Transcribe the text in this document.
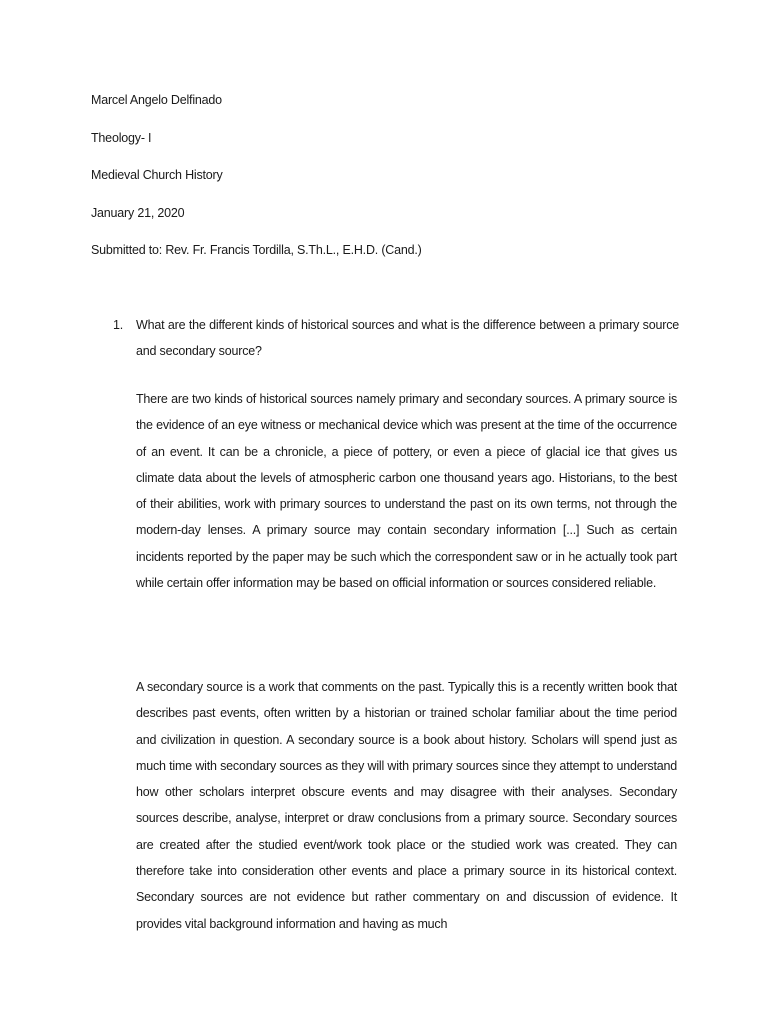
Marcel Angelo Delfinado

Theology- I

Medieval Church History

January 21, 2020

Submitted to: Rev. Fr. Francis Tordilla, S.Th.L., E.H.D. (Cand.)

1. What are the different kinds of historical sources and what is the difference between a primary source and secondary source?

There are two kinds of historical sources namely primary and secondary sources. A primary source is the evidence of an eye witness or mechanical device which was present at the time of the occurrence of an event. It can be a chronicle, a piece of pottery, or even a piece of glacial ice that gives us climate data about the levels of atmospheric carbon one thousand years ago. Historians, to the best of their abilities, work with primary sources to understand the past on its own terms, not through the modern-day lenses. A primary source may contain secondary information [...] Such as certain incidents reported by the paper may be such which the correspondent saw or in he actually took part while certain offer information may be based on official information or sources considered reliable.

A secondary source is a work that comments on the past. Typically this is a recently written book that describes past events, often written by a historian or trained scholar familiar about the time period and civilization in question. A secondary source is a book about history. Scholars will spend just as much time with secondary sources as they will with primary sources since they attempt to understand how other scholars interpret obscure events and may disagree with their analyses. Secondary sources describe, analyse, interpret or draw conclusions from a primary source. Secondary sources are created after the studied event/work took place or the studied work was created. They can therefore take into consideration other events and place a primary source in its historical context. Secondary sources are not evidence but rather commentary on and discussion of evidence. It provides vital background information and having as much
